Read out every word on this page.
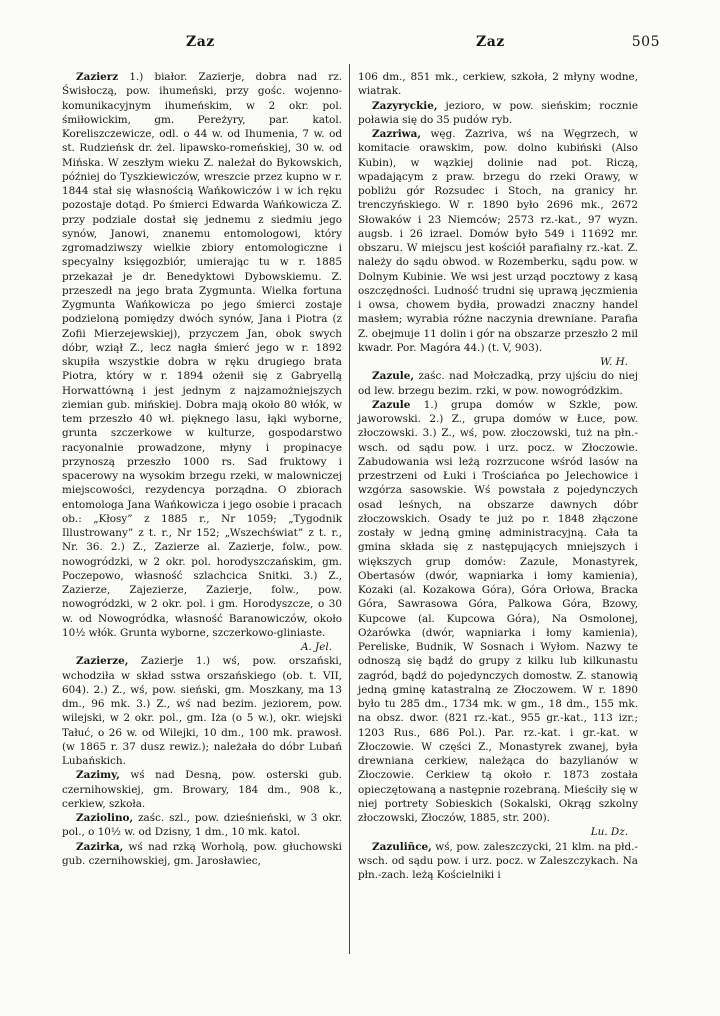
Zaz	Zaz	505

Zazierz 1.) białor. Zazierje, dobra nad rz. Świsłoczą, pow. ihumeński, przy gośc. wojenno-komunikacyjnym ihumeńskim, w 2 okr. pol. śmiłowickim, gm. Pereżyry, par. katol. Koreliszczewicze, odl. o 44 w. od Ihumenia, 7 w. od st. Rudzieńsk dr. żel. lipawsko-romeńskiej, 30 w. od Mińska. W zeszłym wieku Z. należał do Bykowskich, później do Tyszkiewiczów, wreszcie przez kupno w r. 1844 stał się własnością Wańkowiczów i w ich ręku pozostaje dotąd. Po śmierci Edwarda Wańkowicza Z. przy podziale dostał się jednemu z siedmiu jego synów, Janowi, znanemu entomologowi, który zgromadziwszy wielkie zbiory entomologiczne i specyalny księgozbiór, umierając tu w r. 1885 przekazał je dr. Benedyktowi Dybowskiemu. Z. przeszedł na jego brata Zygmunta. Wielka fortuna Zygmunta Wańkowicza po jego śmierci zostaje podzieloną pomiędzy dwóch synów, Jana i Piotra (z Zofii Mierzejewskiej), przyczem Jan, obok swych dóbr, wziął Z., lecz nagła śmierć jego w r. 1892 skupiła wszystkie dobra w ręku drugiego brata Piotra, który w r. 1894 ożenił się z Gabryellą Horwattówną i jest jednym z najzamożniejszych ziemian gub. mińskiej. Dobra mają około 80 włók, w tem przeszło 40 wł. pięknego lasu, łąki wyborne, grunta szczerkowe w kulturze, gospodarstwo racyonalnie prowadzone, młyny i propinacye przynoszą przeszło 1000 rs. Sad fruktowy i spacerowy na wysokim brzegu rzeki, w malowniczej miejscowości, rezydencya porządna. O zbiorach entomologa Jana Wańkowicza i jego osobie i pracach ob.: „Kłosy” z 1885 r., Nr 1059; „Tygodnik Illustrowany” z t. r., Nr 152; „Wszechświat” z t. r., Nr. 36. 2.) Z., Zazierze al. Zazierje, folw., pow. nowogródzki, w 2 okr. pol. horodyszczańskim, gm. Poczepowo, własność szlachcica Snitki. 3.) Z., Zazierze, Zajezierze, Zazierje, folw., pow. nowogródzki, w 2 okr. pol. i gm. Horodyszcze, o 30 w. od Nowogródka, własność Baranowiczów, około 10½ włók. Grunta wyborne, szczerkowo-gliniaste.
A. Jel.

Zazierze, Zazierje 1.) wś, pow. orszański, wchodziła w skład sstwa orszańskiego (ob. t. VII, 604). 2.) Z., wś, pow. sieński, gm. Moszkany, ma 13 dm., 96 mk. 3.) Z., wś nad bezim. jeziorem, pow. wilejski, w 2 okr. pol., gm. Iża (o 5 w.), okr. wiejski Tałuć, o 26 w. od Wilejki, 10 dm., 100 mk. prawosł. (w 1865 r. 37 dusz rewiz.); należała do dóbr Lubań Lubańskich.

Zazimy, wś nad Desną, pow. osterski gub. czernihowskiej, gm. Browary, 184 dm., 908 k., cerkiew, szkoła.

Zaziolino, zaśc. szl., pow. dzieśnieński, w 3 okr. pol., o 10½ w. od Dzisny, 1 dm., 10 mk. katol.

Zazirka, wś nad rzką Worholą, pow. głuchowski gub. czernihowskiej, gm. Jarosławiec,

106 dm., 851 mk., cerkiew, szkoła, 2 młyny wodne, wiatrak.

Zazyryckie, jezioro, w pow. sieńskim; rocznie poławia się do 35 pudów ryb.

Zazriwa, węg. Zazriva, wś na Węgrzech, w komitacie orawskim, pow. dolno kubiński (Also Kubin), w wązkiej dolinie nad pot. Riczą, wpadającym z praw. brzegu do rzeki Orawy, w pobliżu gór Rozsudec i Stoch, na granicy hr. trenczyńskiego. W r. 1890 było 2696 mk., 2672 Słowaków i 23 Niemców; 2573 rz.-kat., 97 wyzn. augsb. i 26 izrael. Domów było 549 i 11692 mr. obszaru. W miejscu jest kościół parafialny rz.-kat. Z. należy do sądu obwod. w Rozemberku, sądu pow. w Dolnym Kubinie. We wsi jest urząd pocztowy z kasą oszczędności. Ludność trudni się uprawą jęczmienia i owsa, chowem bydła, prowadzi znaczny handel masłem; wyrabia różne naczynia drewniane. Parafia Z. obejmuje 11 dolin i gór na obszarze przeszło 2 mil kwadr. Por. Magóra 44.) (t. V, 903).
W. H.

Zazule, zaśc. nad Mołczadką, przy ujściu do niej od lew. brzegu bezim. rzki, w pow. nowogródzkim.

Zazule 1.) grupa domów w Szkle, pow. jaworowski. 2.) Z., grupa domów w Łuce, pow. złoczowski. 3.) Z., wś, pow. złoczowski, tuż na płn.-wsch. od sądu pow. i urz. pocz. w Złoczowie. Zabudowania wsi leżą rozrzucone wśród lasów na przestrzeni od Łuki i Trościańca po Jelechowice i wzgórza sasowskie. Wś powstała z pojedynczych osad leśnych, na obszarze dawnych dóbr złoczowskich. Osady te już po r. 1848 złączone zostały w jedną gminę administracyjną. Cała ta gmina składa się z następujących mniejszych i większych grup domów: Zazule, Monastyrek, Obertasów (dwór, wapniarka i łomy kamienia), Kozaki (al. Kozakowa Góra), Góra Orłowa, Bracka Góra, Sawrasowa Góra, Palkowa Góra, Bzowy, Kupcowe (al. Kupcowa Góra), Na Osmolonej, Ożarówka (dwór, wapniarka i łomy kamienia), Pereliske, Budnik, W Sosnach i Wyłom. Nazwy te odnoszą się bądź do grupy z kilku lub kilkunastu zagród, bądź do pojedynczych domostw. Z. stanowią jedną gminę katastralną ze Złoczowem. W r. 1890 było tu 285 dm., 1734 mk. w gm., 18 dm., 155 mk. na obsz. dwor. (821 rz.-kat., 955 gr.-kat., 113 izr.; 1203 Rus., 686 Pol.). Par. rz.-kat. i gr.-kat. w Złoczowie. W części Z., Monastyrek zwanej, była drewniana cerkiew, należąca do bazylianów w Złoczowie. Cerkiew tą około r. 1873 została opieczętowaną a następnie rozebraną. Mieściły się w niej portrety Sobieskich (Sokalski, Okrąg szkolny złoczowski, Złoczów, 1885, str. 200).
Lu. Dz.

Zazuliñce, wś, pow. zaleszczycki, 21 klm. na płd.-wsch. od sądu pow. i urz. pocz. w Zaleszczykach. Na płn.-zach. leżą Kościelniki i
